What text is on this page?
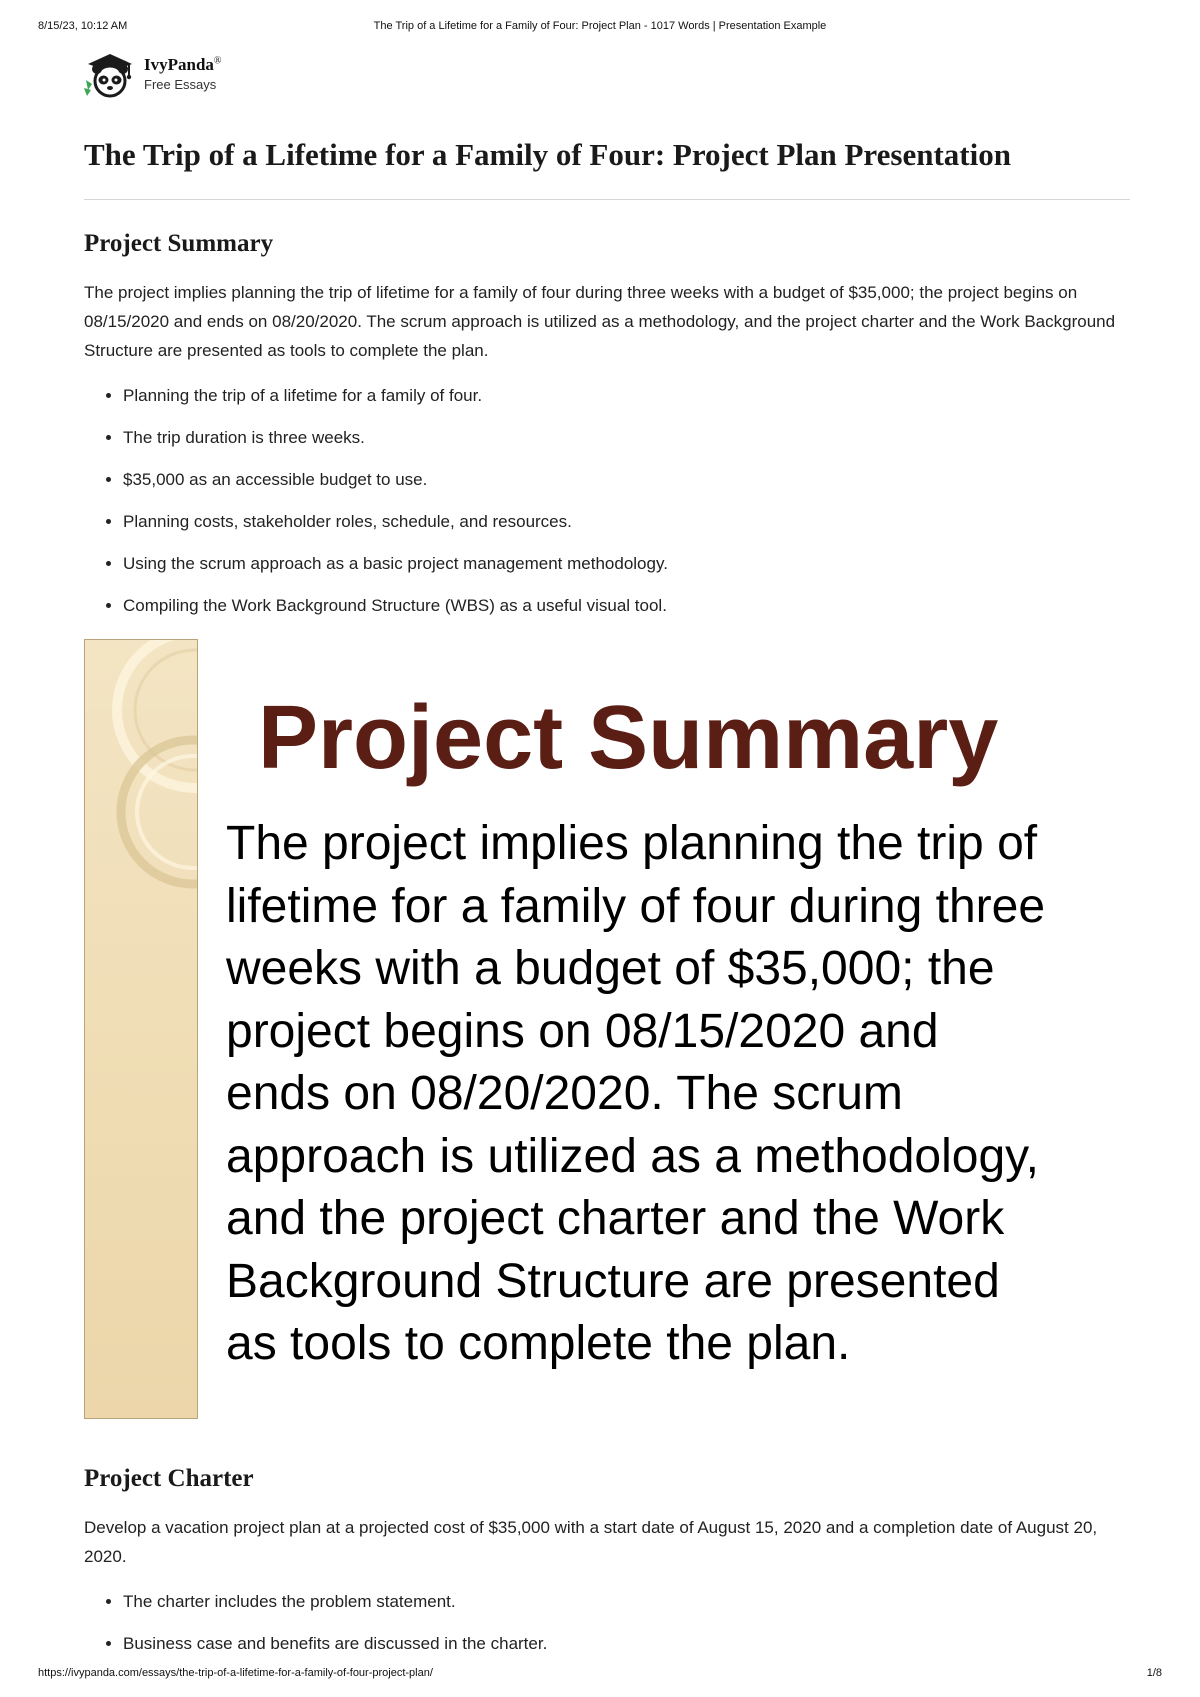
8/15/23, 10:12 AM	The Trip of a Lifetime for a Family of Four: Project Plan - 1017 Words | Presentation Example
IvyPanda®
Free Essays
The Trip of a Lifetime for a Family of Four: Project Plan Presentation
Project Summary

The project implies planning the trip of lifetime for a family of four during three weeks with a budget of $35,000; the project begins on 08/15/2020 and ends on 08/20/2020. The scrum approach is utilized as a methodology, and the project charter and the Work Background Structure are presented as tools to complete the plan.

• Planning the trip of a lifetime for a family of four.
• The trip duration is three weeks.
• $35,000 as an accessible budget to use.
• Planning costs, stakeholder roles, schedule, and resources.
• Using the scrum approach as a basic project management methodology.
• Compiling the Work Background Structure (WBS) as a useful visual tool.
Project Summary
The project implies planning the trip of
lifetime for a family of four during three
weeks with a budget of $35,000; the
project begins on 08/15/2020 and
ends on 08/20/2020. The scrum
approach is utilized as a methodology,
and the project charter and the Work
Background Structure are presented
as tools to complete the plan.
Project Charter

Develop a vacation project plan at a projected cost of $35,000 with a start date of August 15, 2020 and a completion date of August 20, 2020.

• The charter includes the problem statement.
• Business case and benefits are discussed in the charter.
https://ivypanda.com/essays/the-trip-of-a-lifetime-for-a-family-of-four-project-plan/	1/8
